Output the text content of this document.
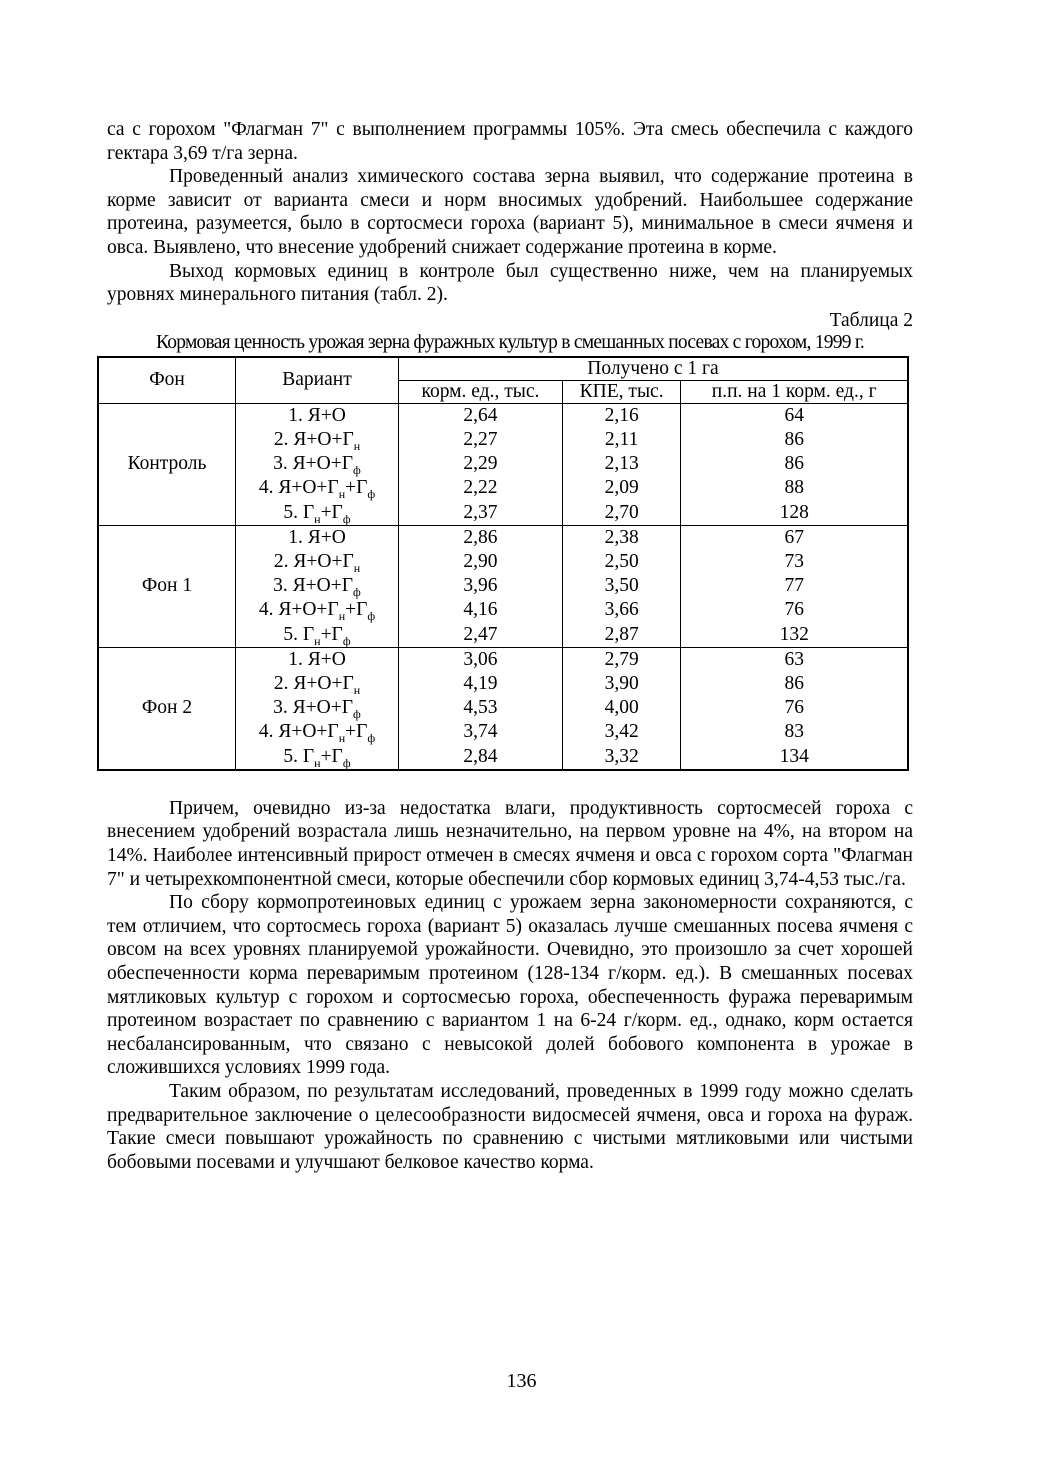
са с горохом "Флагман 7" с выполнением программы 105%. Эта смесь обеспечила с каждого гектара 3,69 т/га зерна.

Проведенный анализ химического состава зерна выявил, что содержание протеина в корме зависит от варианта смеси и норм вносимых удобрений. Наибольшее содержание протеина, разумеется, было в сортосмеси гороха (вариант 5), минимальное в смеси ячменя и овса. Выявлено, что внесение удобрений снижает содержание протеина в корме.

Выход кормовых единиц в контроле был существенно ниже, чем на планируемых уровнях минерального питания (табл. 2).

Таблица 2
Кормовая ценность урожая зерна фуражных культур в смешанных посевах с горохом, 1999 г.
Фон	Вариант	Получено с 1 га		
		корм. ед., тыс.	КПЕ, тыс.	п.п. на 1 корм. ед., г
Контроль	1. Я+О	2,64	2,16	64
	2. $Я+О+Г_н$	2,27	2,11	86
	3. $Я+О+Г_ф$	2,29	2,13	86
	4. $Я+О+Г_н+Г_ф$	2,22	2,09	88
	5. $Г_н+Г_ф$	2,37	2,70	128
Фон 1	1. Я+О	2,86	2,38	67
	2. $Я+О+Г_н$	2,90	2,50	73
	3. $Я+О+Г_ф$	3,96	3,50	77
	4. $Я+О+Г_н+Г_ф$	4,16	3,66	76
	5. $Г_н+Г_ф$	2,47	2,87	132
Фон 2	1. Я+О	3,06	2,79	63
	2. $Я+О+Г_н$	4,19	3,90	86
	3. $Я+О+Г_ф$	4,53	4,00	76
	4. $Я+О+Г_н+Г_ф$	3,74	3,42	83
	5. $Г_н+Г_ф$	2,84	3,32	134

Причем, очевидно из-за недостатка влаги, продуктивность сортосмесей гороха с внесением удобрений возрастала лишь незначительно, на первом уровне на 4%, на втором на 14%. Наиболее интенсивный прирост отмечен в смесях ячменя и овса с горохом сорта "Флагман 7" и четырехкомпонентной смеси, которые обеспечили сбор кормовых единиц 3,74-4,53 тыс./га.

По сбору кормопротеиновых единиц с урожаем зерна закономерности сохраняются, с тем отличием, что сортосмесь гороха (вариант 5) оказалась лучше смешанных посева ячменя с овсом на всех уровнях планируемой урожайности. Очевидно, это произошло за счет хорошей обеспеченности корма переваримым протеином (128-134 г/корм. ед.). В смешанных посевах мятликовых культур с горохом и сортосмесью гороха, обеспеченность фуража переваримым протеином возрастает по сравнению с вариантом 1 на 6-24 г/корм. ед., однако, корм остается несбалансированным, что связано с невысокой долей бобового компонента в урожае в сложившихся условиях 1999 года.

Таким образом, по результатам исследований, проведенных в 1999 году можно сделать предварительное заключение о целесообразности видосмесей ячменя, овса и гороха на фураж. Такие смеси повышают урожайность по сравнению с чистыми мятликовыми или чистыми бобовыми посевами и улучшают белковое качество корма.

136
